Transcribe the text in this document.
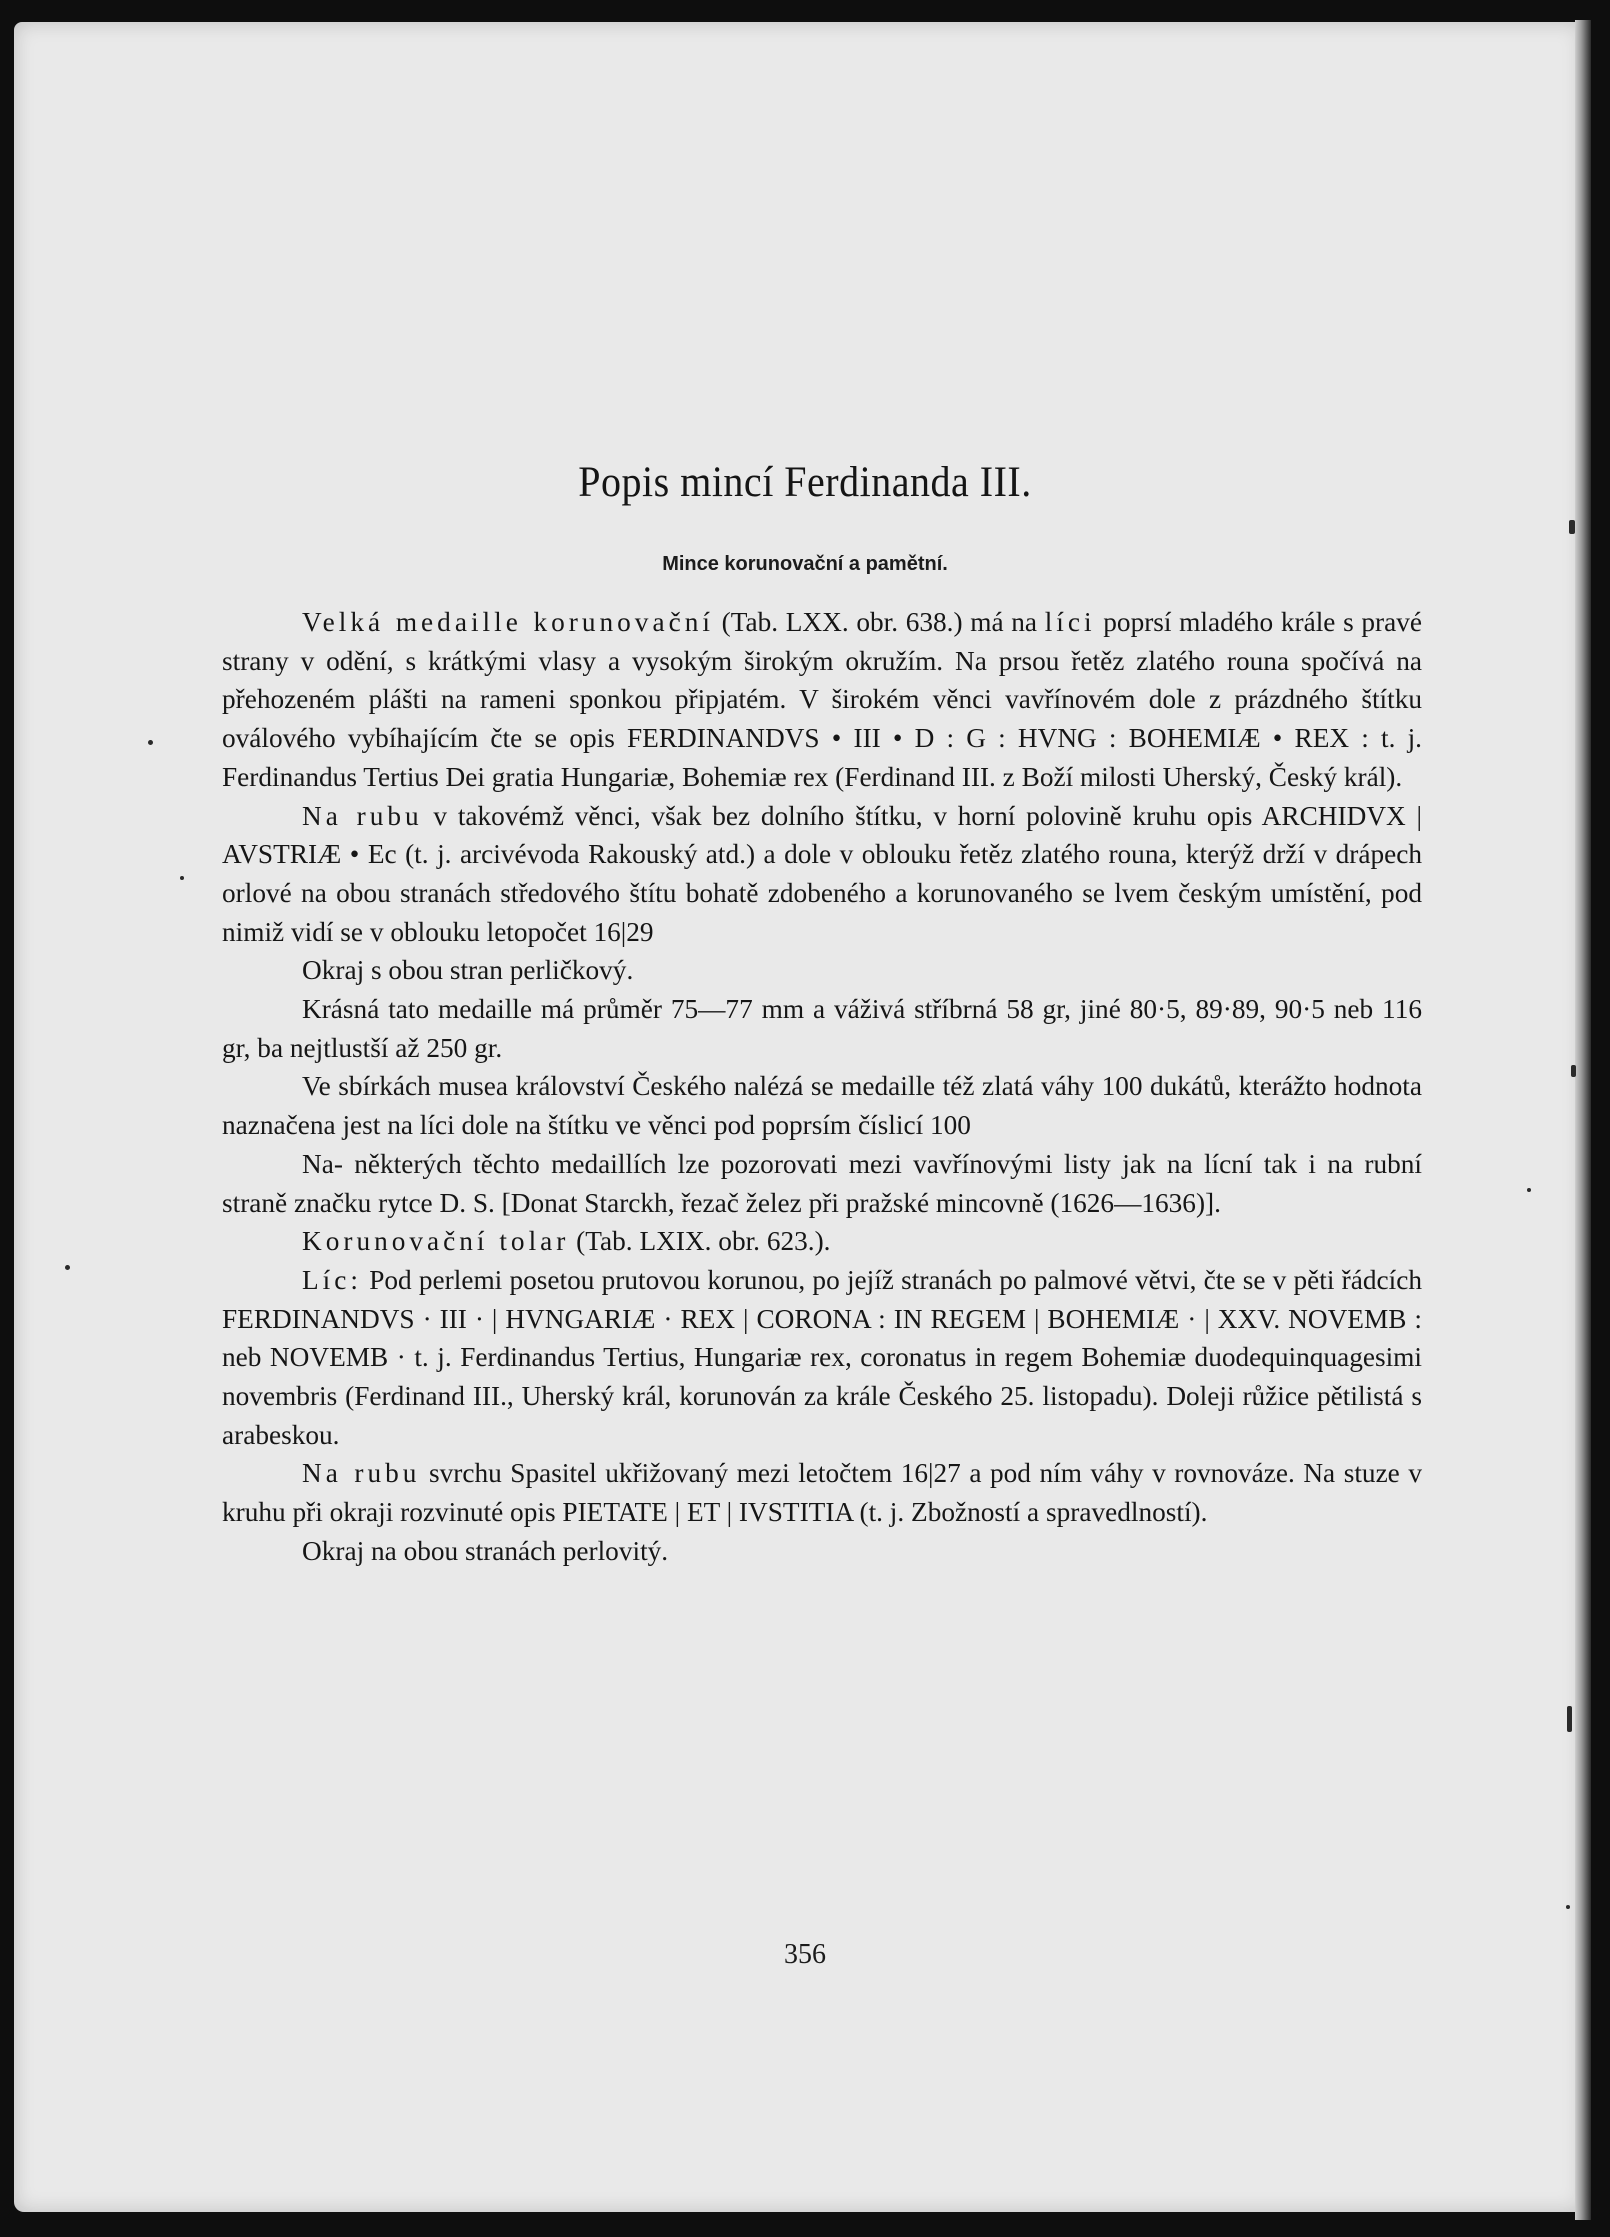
Popis mincí Ferdinanda III.
Mince korunovační a pamětní.

Velká medaille korunovační (Tab. LXX. obr. 638.) má na líci poprsí mladého krále s pravé strany v odění, s krátkými vlasy a vysokým širokým okružím. Na prsou řetěz zlatého rouna spočívá na přehozeném plášti na rameni sponkou připjatém. V širokém věnci vavřínovém dole z prázdného štítku oválového vybíhajícím čte se opis FERDINANDVS • III • D : G : HVNG : BOHEMIÆ • REX : t. j. Ferdinandus Tertius Dei gratia Hungariæ, Bohemiæ rex (Ferdinand III. z Boží milosti Uherský, Český král).

Na rubu v takovémž věnci, však bez dolního štítku, v horní polovině kruhu opis ARCHIDVX | AVSTRIÆ • Ec (t. j. arcivévoda Rakouský atd.) a dole v oblouku řetěz zlatého rouna, kterýž drží v drápech orlové na obou stranách středového štítu bohatě zdobeného a korunovaného se lvem českým umístění, pod nimiž vidí se v oblouku letopočet 16|29

Okraj s obou stran perličkový.

Krásná tato medaille má průměr 75—77 mm a váživá stříbrná 58 gr, jiné 80·5, 89·89, 90·5 neb 116 gr, ba nejtlustší až 250 gr.

Ve sbírkách musea království Českého nalézá se medaille též zlatá váhy 100 dukátů, kterážto hodnota naznačena jest na líci dole na štítku ve věnci pod poprsím číslicí 100

Na- některých těchto medaillích lze pozorovati mezi vavřínovými listy jak na lícní tak i na rubní straně značku rytce D. S. [Donat Starckh, řezač želez při pražské mincovně (1626—1636)].

Korunovační tolar (Tab. LXIX. obr. 623.).

Líc: Pod perlemi posetou prutovou korunou, po jejíž stranách po palmové větvi, čte se v pěti řádcích FERDINANDVS · III · | HVNGARIÆ · REX | CORONA : IN REGEM | BOHEMIÆ · | XXV. NOVEMB : neb NOVEMB · t. j. Ferdinandus Tertius, Hungariæ rex, coronatus in regem Bohemiæ duodequinquagesimi novembris (Ferdinand III., Uherský král, korunován za krále Českého 25. listopadu). Doleji růžice pětilistá s arabeskou.

Na rubu svrchu Spasitel ukřižovaný mezi letočtem 16|27 a pod ním váhy v rovnováze. Na stuze v kruhu při okraji rozvinuté opis PIETATE | ET | IVSTITIA (t. j. Zbožností a spravedlností).

Okraj na obou stranách perlovitý.

356
